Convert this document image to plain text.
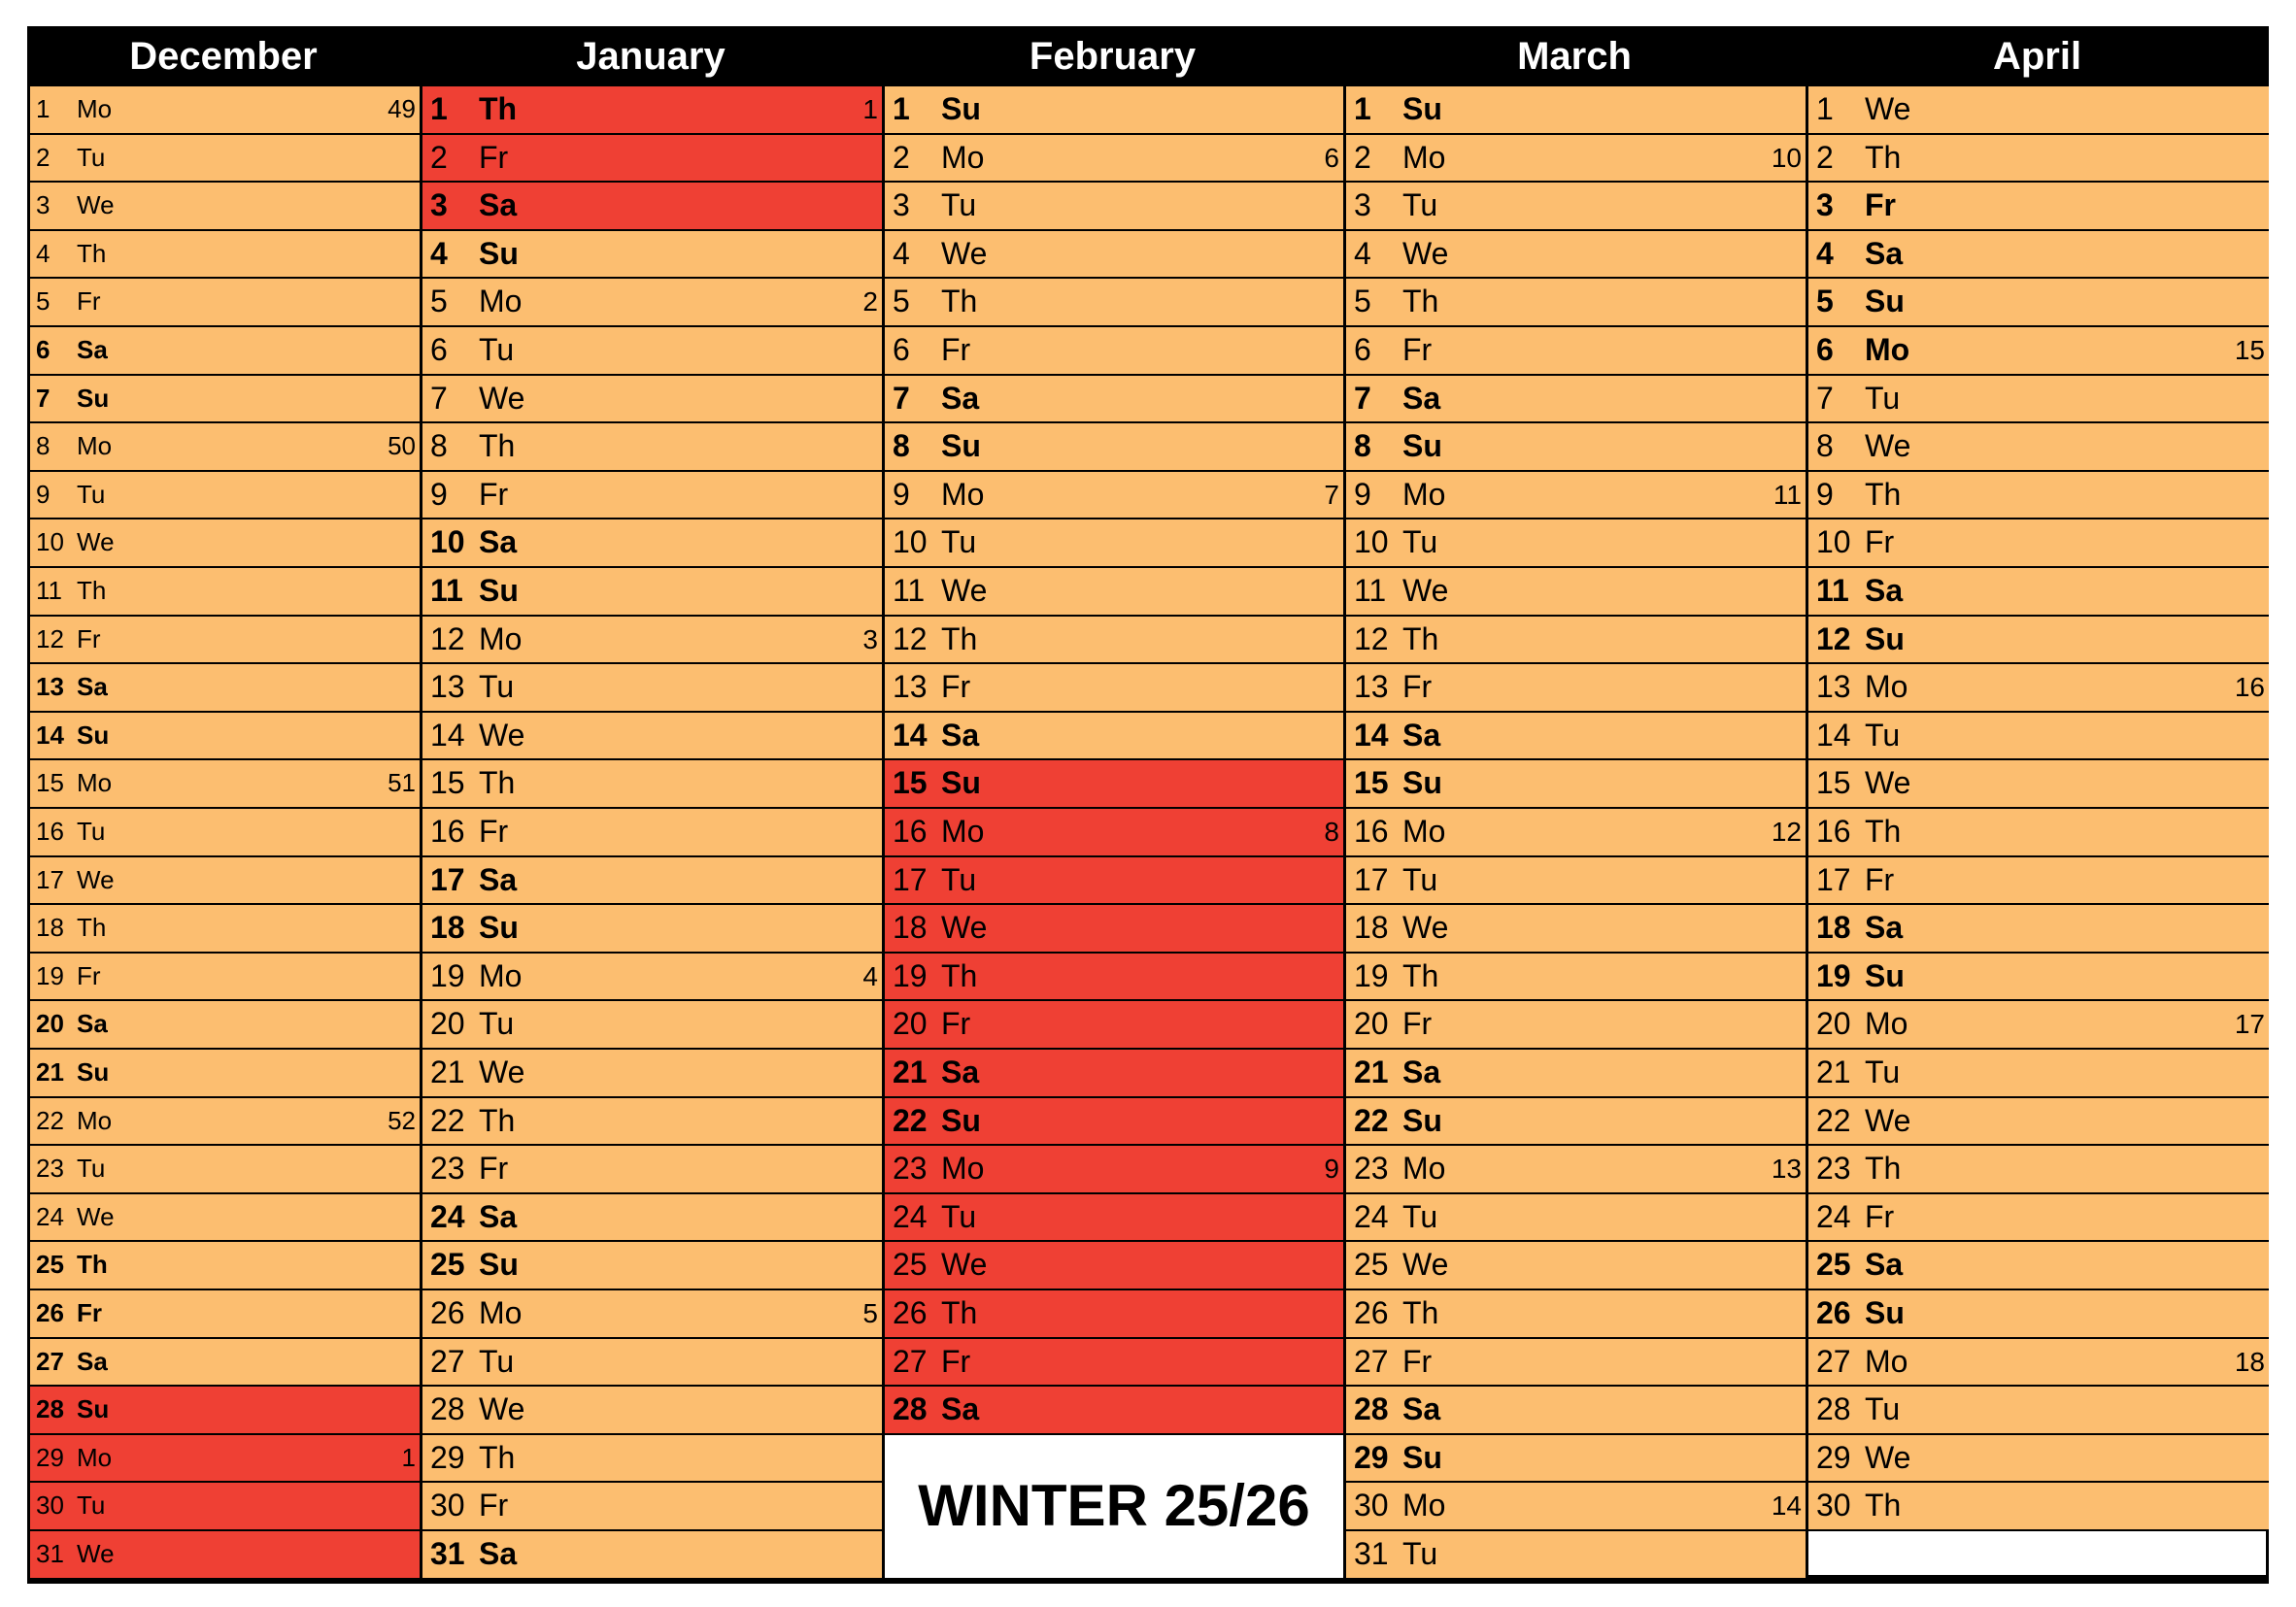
December
1 Mo	49
2 Tu
3 We
4 Th
5 Fr
6 Sa
7 Su
8 Mo	50
9 Tu
10 We
11 Th
12 Fr
13 Sa
14 Su
15 Mo	51
16 Tu
17 We
18 Th
19 Fr
20 Sa
21 Su
22 Mo	52
23 Tu
24 We
25 Th
26 Fr
27 Sa
28 Su
29 Mo	1
30 Tu
31 We
January
1 Th	1
2 Fr
3 Sa
4 Su
5 Mo	2
6 Tu
7 We
8 Th
9 Fr
10 Sa
11 Su
12 Mo	3
13 Tu
14 We
15 Th
16 Fr
17 Sa
18 Su
19 Mo	4
20 Tu
21 We
22 Th
23 Fr
24 Sa
25 Su
26 Mo	5
27 Tu
28 We
29 Th
30 Fr
31 Sa
February
1 Su
2 Mo	6
3 Tu
4 We
5 Th
6 Fr
7 Sa
8 Su
9 Mo	7
10 Tu
11 We
12 Th
13 Fr
14 Sa
15 Su
16 Mo	8
17 Tu
18 We
19 Th
20 Fr
21 Sa
22 Su
23 Mo	9
24 Tu
25 We
26 Th
27 Fr
28 Sa
March
1 Su
2 Mo	10
3 Tu
4 We
5 Th
6 Fr
7 Sa
8 Su
9 Mo	11
10 Tu
11 We
12 Th
13 Fr
14 Sa
15 Su
16 Mo	12
17 Tu
18 We
19 Th
20 Fr
21 Sa
22 Su
23 Mo	13
24 Tu
25 We
26 Th
27 Fr
28 Sa
29 Su
30 Mo	14
31 Tu
April
1 We
2 Th
3 Fr
4 Sa
5 Su
6 Mo	15
7 Tu
8 We
9 Th
10 Fr
11 Sa
12 Su
13 Mo	16
14 Tu
15 We
16 Th
17 Fr
18 Sa
19 Su
20 Mo	17
21 Tu
22 We
23 Th
24 Fr
25 Sa
26 Su
27 Mo	18
28 Tu
29 We
30 Th
WINTER 25/26
